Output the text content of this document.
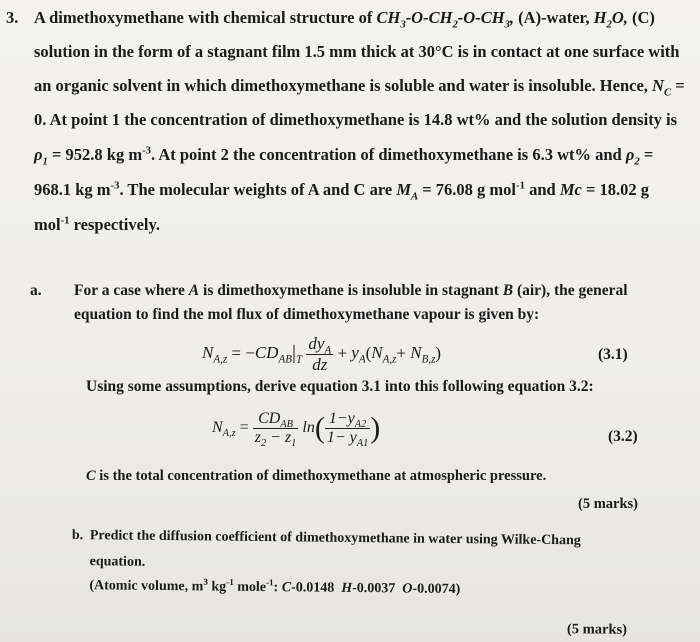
3. A dimethoxymethane with chemical structure of $CH_3-O-CH_2-O-CH_3$, (A)-water, $H_2O$, (C)
solution in the form of a stagnant film 1.5 mm thick at 30°C is in contact at one surface with
an organic solvent in which dimethoxymethane is soluble and water is insoluble. Hence, $N_C$ =
0. At point 1 the concentration of dimethoxymethane is 14.8 wt% and the solution density is
$\rho_1 = 952.8$ kg $m^{-3}$. At point 2 the concentration of dimethoxymethane is 6.3 wt% and $\rho_2$ =
968.1 kg $m^{-3}$. The molecular weights of A and C are $M_A = 76.08$ g mol$^{-1}$ and Mc = 18.02 g
mol$^{-1}$ respectively.
a. For a case where A is dimethoxymethane is insoluble in stagnant B (air), the general
equation to find the mol flux of dimethoxymethane vapour is given by:
$N_{A,z} = -CD_{AB}|_T \frac{dy_A}{dz} + y_A(N_{A,z}+ N_{B,z})$	(3.1)
Using some assumptions, derive equation 3.1 into this following equation 3.2:
$N_{A,z} = \frac{CD_{AB}}{z_2 - z_1} \ln( \frac{1-y_{A2}}{1- y_{A1}}$ )	(3.2)
C is the total concentration of dimethoxymethane at atmospheric pressure.
(5 marks)
b. Predict the diffusion coefficient of dimethoxymethane in water using Wilke-Chang
equation.
(Atomic volume, $m^3$ $kg^{-1}$ mole$^{-1}$: C-0.0148  H-0.0037  O-0.0074)
(5 marks)
